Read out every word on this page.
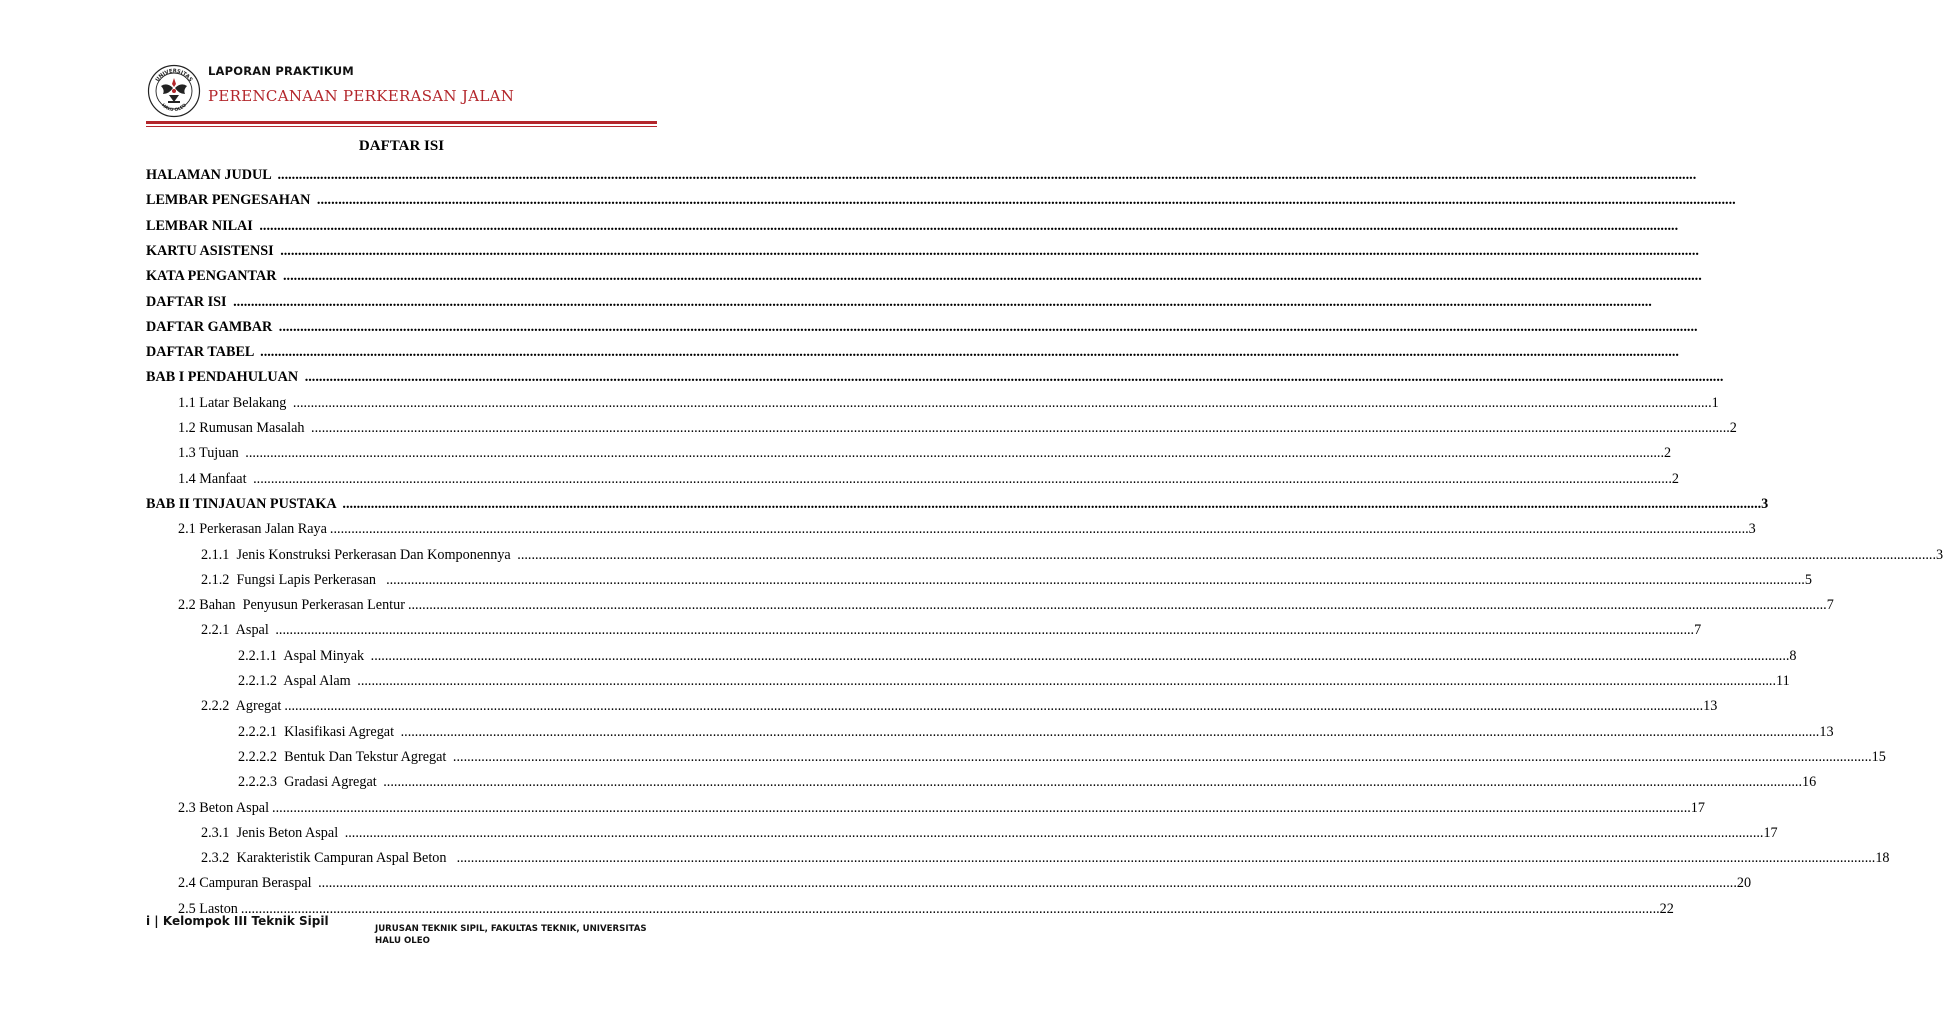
UNIVERSITAS
HALU OLEO
LAPORAN PRAKTIKUM
PERENCANAAN PERKERASAN JALAN
DAFTAR ISI
HALAMAN JUDUL ................................................................................................................................................................................................................................................................................................................................................................................................................
LEMBAR PENGESAHAN ................................................................................................................................................................................................................................................................................................................................................................................................................
LEMBAR NILAI ................................................................................................................................................................................................................................................................................................................................................................................................................
KARTU ASISTENSI ................................................................................................................................................................................................................................................................................................................................................................................................................
KATA PENGANTAR ................................................................................................................................................................................................................................................................................................................................................................................................................
DAFTAR ISI ................................................................................................................................................................................................................................................................................................................................................................................................................
DAFTAR GAMBAR ................................................................................................................................................................................................................................................................................................................................................................................................................
DAFTAR TABEL ................................................................................................................................................................................................................................................................................................................................................................................................................
BAB I PENDAHULUAN ................................................................................................................................................................................................................................................................................................................................................................................................................
1.1 Latar Belakang ................................................................................................................................................................................................................................................................................................................................................................................................................ 1
1.2 Rumusan Masalah ................................................................................................................................................................................................................................................................................................................................................................................................................ 2
1.3 Tujuan ................................................................................................................................................................................................................................................................................................................................................................................................................ 2
1.4 Manfaat ................................................................................................................................................................................................................................................................................................................................................................................................................ 2
BAB II TINJAUAN PUSTAKA ................................................................................................................................................................................................................................................................................................................................................................................................................ 3
2.1 Perkerasan Jalan Raya ................................................................................................................................................................................................................................................................................................................................................................................................................ 3
2.1.1  Jenis Konstruksi Perkerasan Dan Komponennya ................................................................................................................................................................................................................................................................................................................................................................................................................ 3
2.1.2  Fungsi Lapis Perkerasan ................................................................................................................................................................................................................................................................................................................................................................................................................ 5
2.2 Bahan  Penyusun Perkerasan Lentur ................................................................................................................................................................................................................................................................................................................................................................................................................ 7
2.2.1  Aspal ................................................................................................................................................................................................................................................................................................................................................................................................................ 7
2.2.1.1  Aspal Minyak ................................................................................................................................................................................................................................................................................................................................................................................................................ 8
2.2.1.2  Aspal Alam ................................................................................................................................................................................................................................................................................................................................................................................................................ 11
2.2.2  Agregat ................................................................................................................................................................................................................................................................................................................................................................................................................ 13
2.2.2.1  Klasifikasi Agregat ................................................................................................................................................................................................................................................................................................................................................................................................................ 13
2.2.2.2  Bentuk Dan Tekstur Agregat ................................................................................................................................................................................................................................................................................................................................................................................................................ 15
2.2.2.3  Gradasi Agregat ................................................................................................................................................................................................................................................................................................................................................................................................................ 16
2.3 Beton Aspal ................................................................................................................................................................................................................................................................................................................................................................................................................ 17
2.3.1  Jenis Beton Aspal ................................................................................................................................................................................................................................................................................................................................................................................................................ 17
2.3.2  Karakteristik Campuran Aspal Beton ................................................................................................................................................................................................................................................................................................................................................................................................................ 18
2.4 Campuran Beraspal ................................................................................................................................................................................................................................................................................................................................................................................................................ 20
2.5 Laston ................................................................................................................................................................................................................................................................................................................................................................................................................ 22
i | Kelompok III Teknik Sipil
JURUSAN TEKNIK SIPIL, FAKULTAS TEKNIK, UNIVERSITAS HALU OLEO
